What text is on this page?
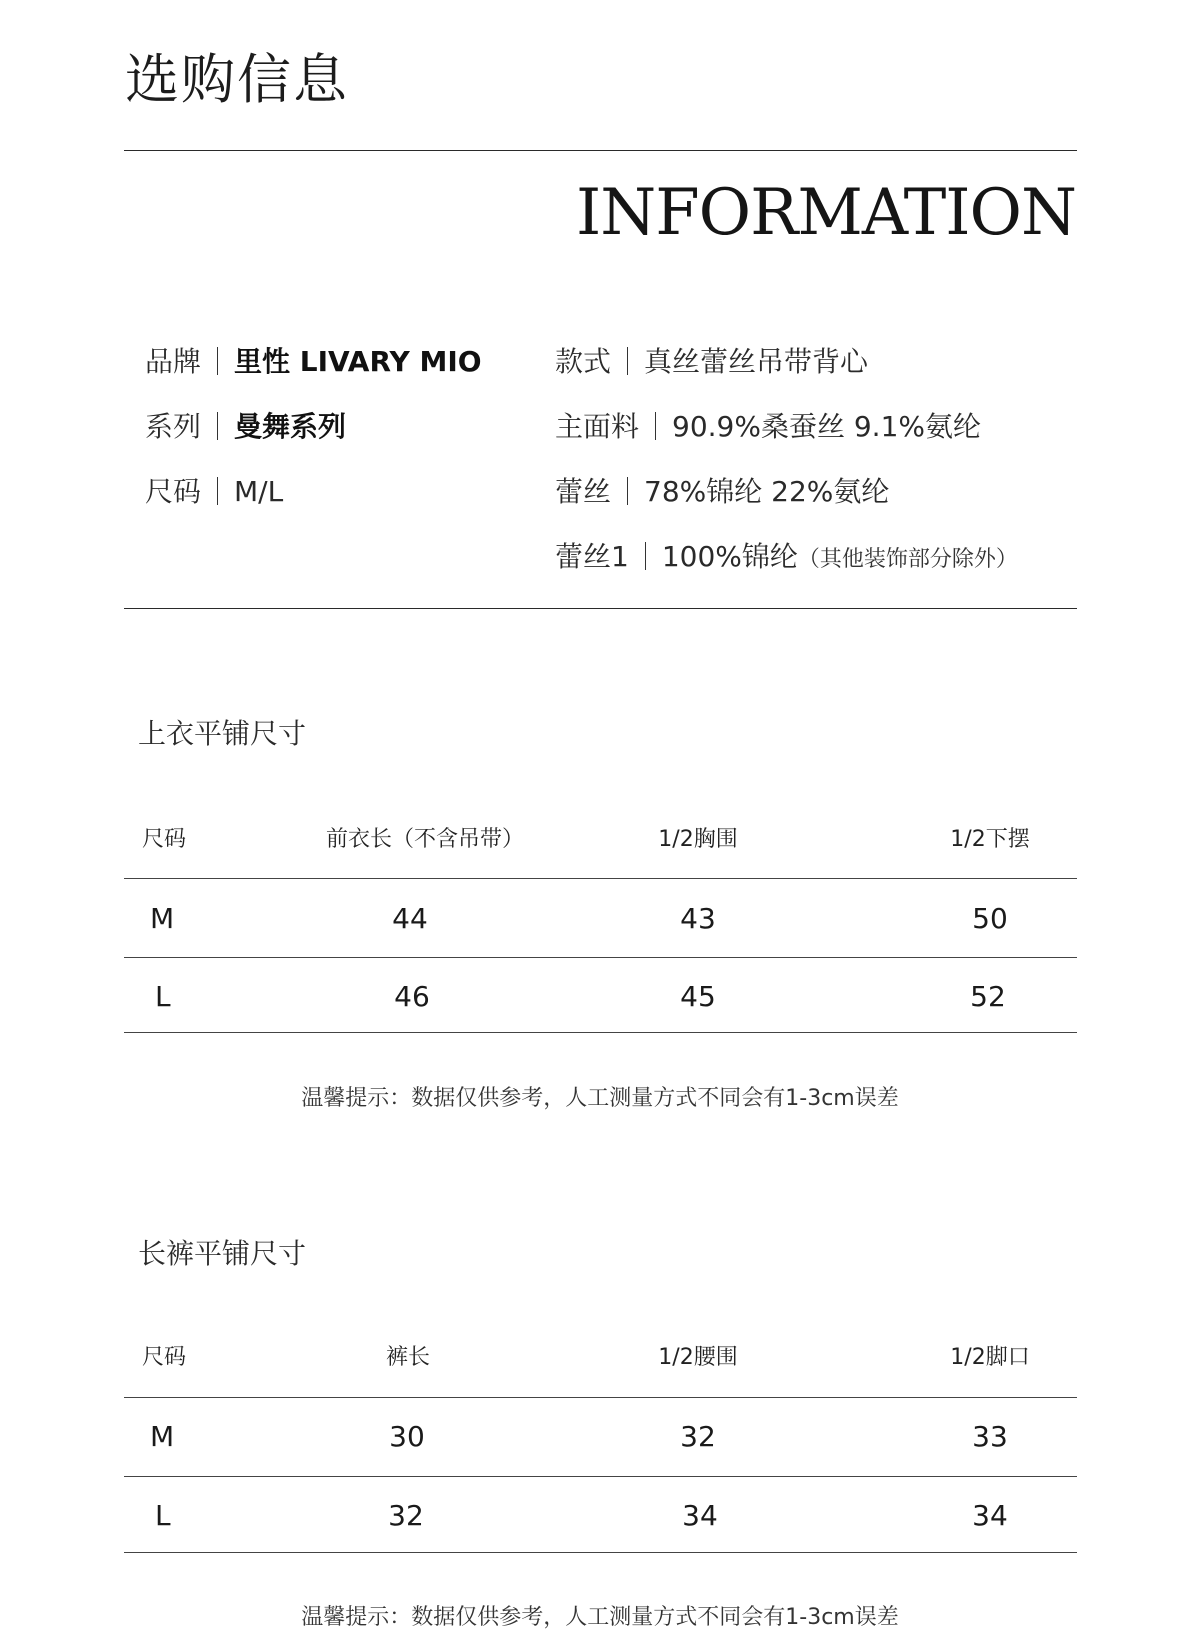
选购信息
INFORMATION
品牌 里性 LIVARY MIO
系列 曼舞系列
尺码 M/L
款式 真丝蕾丝吊带背心
主面料 90.9%桑蚕丝 9.1%氨纶
蕾丝 78%锦纶 22%氨纶
蕾丝1 100%锦纶（其他装饰部分除外）
上衣平铺尺寸
尺码	前衣长（不含吊带）	1/2胸围	1/2下摆
M	44	43	50
L	46	45	52
温馨提示：数据仅供参考，人工测量方式不同会有1-3cm误差
长裤平铺尺寸
尺码	裤长	1/2腰围	1/2脚口
M	30	32	33
L	32	34	34
温馨提示：数据仅供参考，人工测量方式不同会有1-3cm误差
